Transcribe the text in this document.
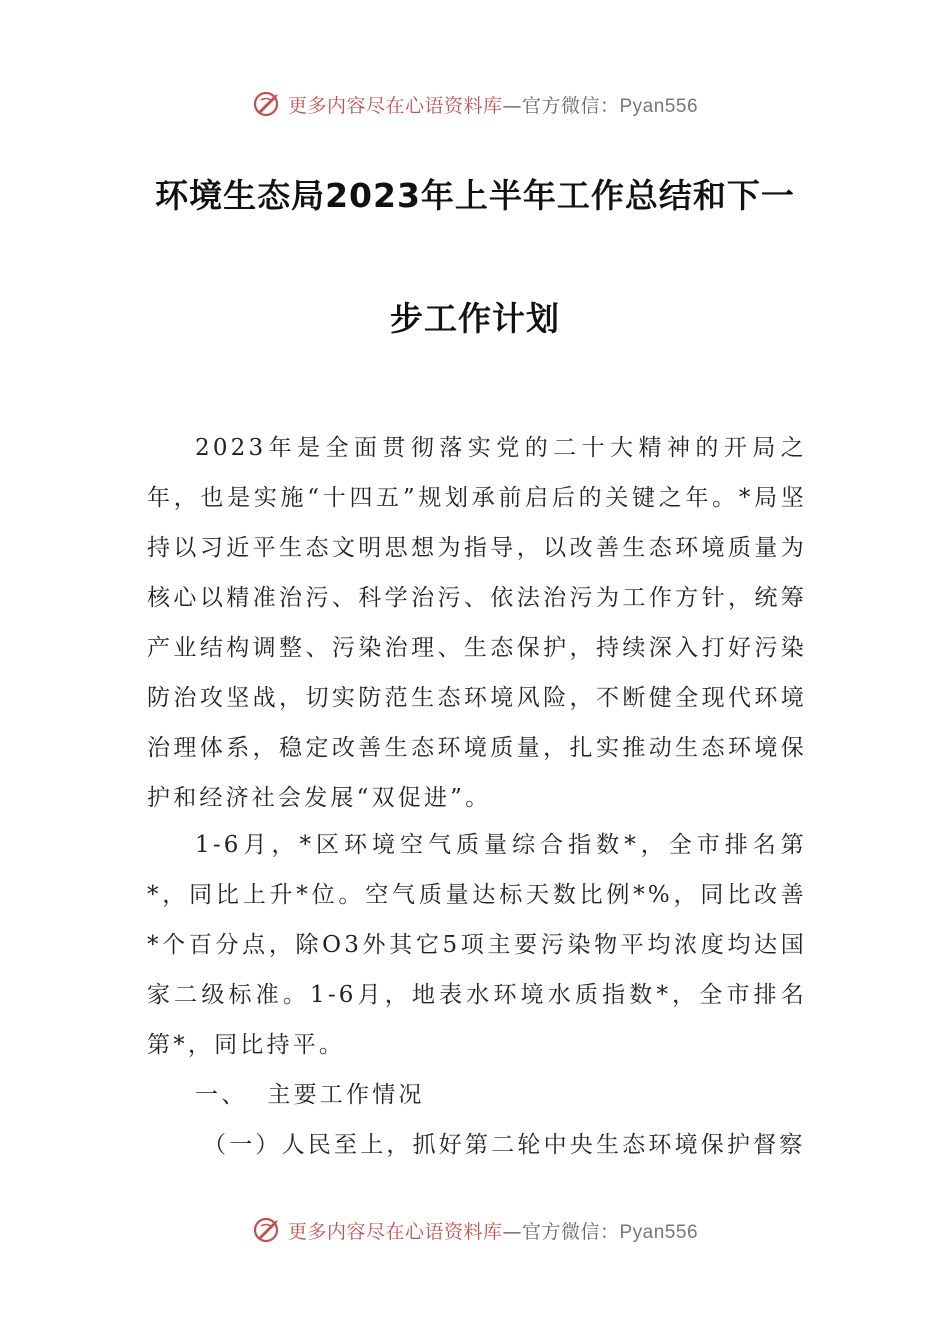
更多内容尽在心语资料库—官方微信：Pyan556
环境生态局2023年上半年工作总结和下一
步工作计划

2023年是全面贯彻落实党的二十大精神的开局之年，也是实施“十四五”规划承前启后的关键之年。*局坚持以习近平生态文明思想为指导，以改善生态环境质量为核心以精准治污、科学治污、依法治污为工作方针，统筹产业结构调整、污染治理、生态保护，持续深入打好污染防治攻坚战，切实防范生态环境风险，不断健全现代环境治理体系，稳定改善生态环境质量，扎实推动生态环境保护和经济社会发展“双促进”。

1-6月，*区环境空气质量综合指数*，全市排名第*，同比上升*位。空气质量达标天数比例*%，同比改善*个百分点，除O3外其它5项主要污染物平均浓度均达国家二级标准。1-6月，地表水环境水质指数*，全市排名第*，同比持平。

一、 主要工作情况

（一）人民至上，抓好第二轮中央生态环境保护督察

更多内容尽在心语资料库—官方微信：Pyan556
